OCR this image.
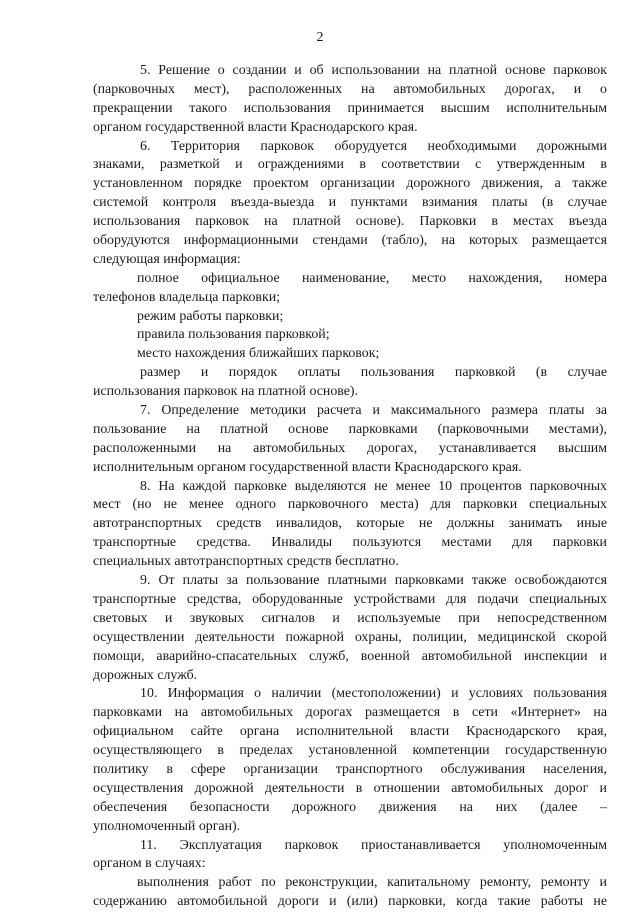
2
5. Решение о создании и об использовании на платной основе парковок
(парковочных мест), расположенных на автомобильных дорогах, и о
прекращении такого использования принимается высшим исполнительным
органом государственной власти Краснодарского края.
6. Территория парковок оборудуется необходимыми дорожными
знаками, разметкой и ограждениями в соответствии с утвержденным в
установленном порядке проектом организации дорожного движения, а также
системой контроля въезда-выезда и пунктами взимания платы (в случае
использования парковок на платной основе). Парковки в местах въезда
оборудуются информационными стендами (табло), на которых размещается
следующая информация:
полное официальное наименование, место нахождения, номера
телефонов владельца парковки;
режим работы парковки;
правила пользования парковкой;
место нахождения ближайших парковок;
размер и порядок оплаты пользования парковкой (в случае
использования парковок на платной основе).
7. Определение методики расчета и максимального размера платы за
пользование на платной основе парковками (парковочными местами),
расположенными на автомобильных дорогах, устанавливается высшим
исполнительным органом государственной власти Краснодарского края.
8. На каждой парковке выделяются не менее 10 процентов парковочных
мест (но не менее одного парковочного места) для парковки специальных
автотранспортных средств инвалидов, которые не должны занимать иные
транспортные средства. Инвалиды пользуются местами для парковки
специальных автотранспортных средств бесплатно.
9. От платы за пользование платными парковками также освобождаются
транспортные средства, оборудованные устройствами для подачи специальных
световых и звуковых сигналов и используемые при непосредственном
осуществлении деятельности пожарной охраны, полиции, медицинской скорой
помощи, аварийно-спасательных служб, военной автомобильной инспекции и
дорожных служб.
10. Информация о наличии (местоположении) и условиях пользования
парковками на автомобильных дорогах размещается в сети «Интернет» на
официальном сайте органа исполнительной власти Краснодарского края,
осуществляющего в пределах установленной компетенции государственную
политику в сфере организации транспортного обслуживания населения,
осуществления дорожной деятельности в отношении автомобильных дорог и
обеспечения безопасности дорожного движения на них (далее –
уполномоченный орган).
11. Эксплуатация парковок приостанавливается уполномоченным
органом в случаях:
выполнения работ по реконструкции, капитальному ремонту, ремонту и
содержанию автомобильной дороги и (или) парковки, когда такие работы не
